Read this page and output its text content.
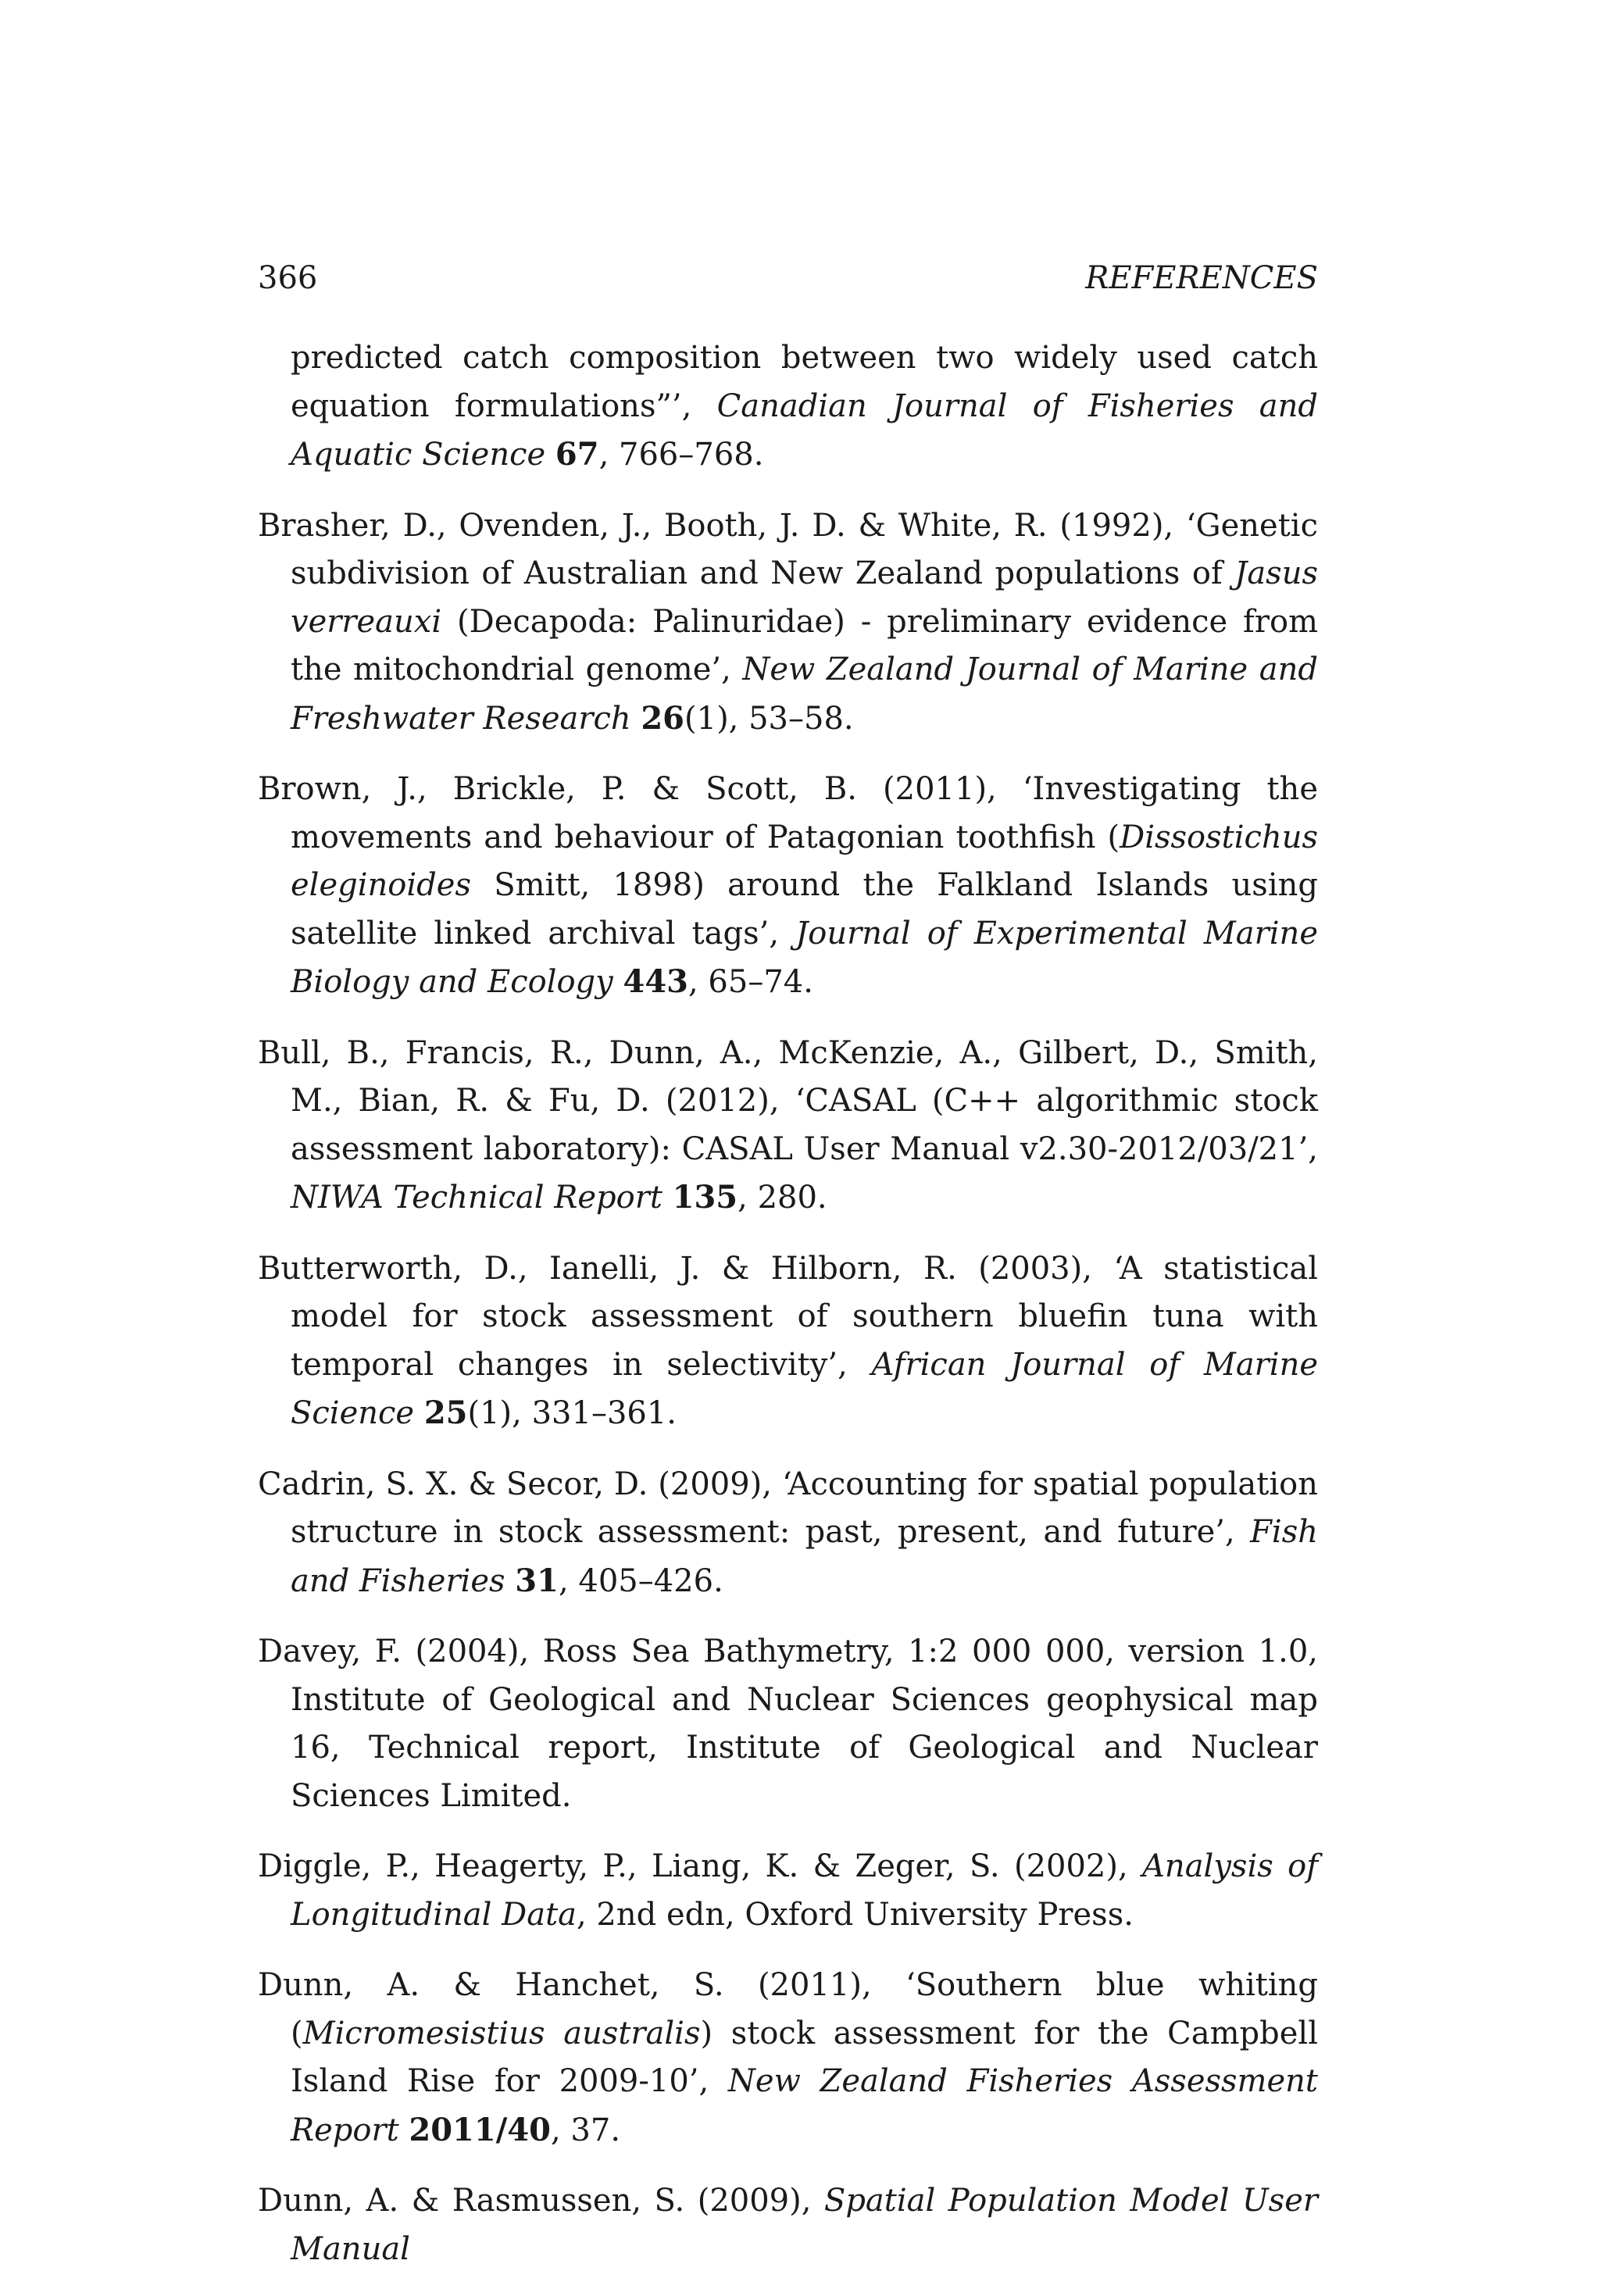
366	REFERENCES

predicted catch composition between two widely used catch equation formulations”’, Canadian Journal of Fisheries and Aquatic Science 67, 766–768.

Brasher, D., Ovenden, J., Booth, J. D. & White, R. (1992), ‘Genetic subdivision of Australian and New Zealand populations of Jasus verreauxi (Decapoda: Palinuridae) - preliminary evidence from the mitochondrial genome’, New Zealand Journal of Marine and Freshwater Research 26(1), 53–58.

Brown, J., Brickle, P. & Scott, B. (2011), ‘Investigating the movements and behaviour of Patagonian toothfish (Dissostichus eleginoides Smitt, 1898) around the Falkland Islands using satellite linked archival tags’, Journal of Experimental Marine Biology and Ecology 443, 65–74.

Bull, B., Francis, R., Dunn, A., McKenzie, A., Gilbert, D., Smith, M., Bian, R. & Fu, D. (2012), ‘CASAL (C++ algorithmic stock assessment laboratory): CASAL User Manual v2.30-2012/03/21’, NIWA Technical Report 135, 280.

Butterworth, D., Ianelli, J. & Hilborn, R. (2003), ‘A statistical model for stock assessment of southern bluefin tuna with temporal changes in selectivity’, African Journal of Marine Science 25(1), 331–361.

Cadrin, S. X. & Secor, D. (2009), ‘Accounting for spatial population structure in stock assessment: past, present, and future’, Fish and Fisheries 31, 405–426.

Davey, F. (2004), Ross Sea Bathymetry, 1:2 000 000, version 1.0, Institute of Geological and Nuclear Sciences geophysical map 16, Technical report, Institute of Geological and Nuclear Sciences Limited.

Diggle, P., Heagerty, P., Liang, K. & Zeger, S. (2002), Analysis of Longitudinal Data, 2nd edn, Oxford University Press.

Dunn, A. & Hanchet, S. (2011), ‘Southern blue whiting (Micromesistius australis) stock assessment for the Campbell Island Rise for 2009-10’, New Zealand Fisheries Assessment Report 2011/40, 37.

Dunn, A. & Rasmussen, S. (2009), Spatial Population Model User Manual
